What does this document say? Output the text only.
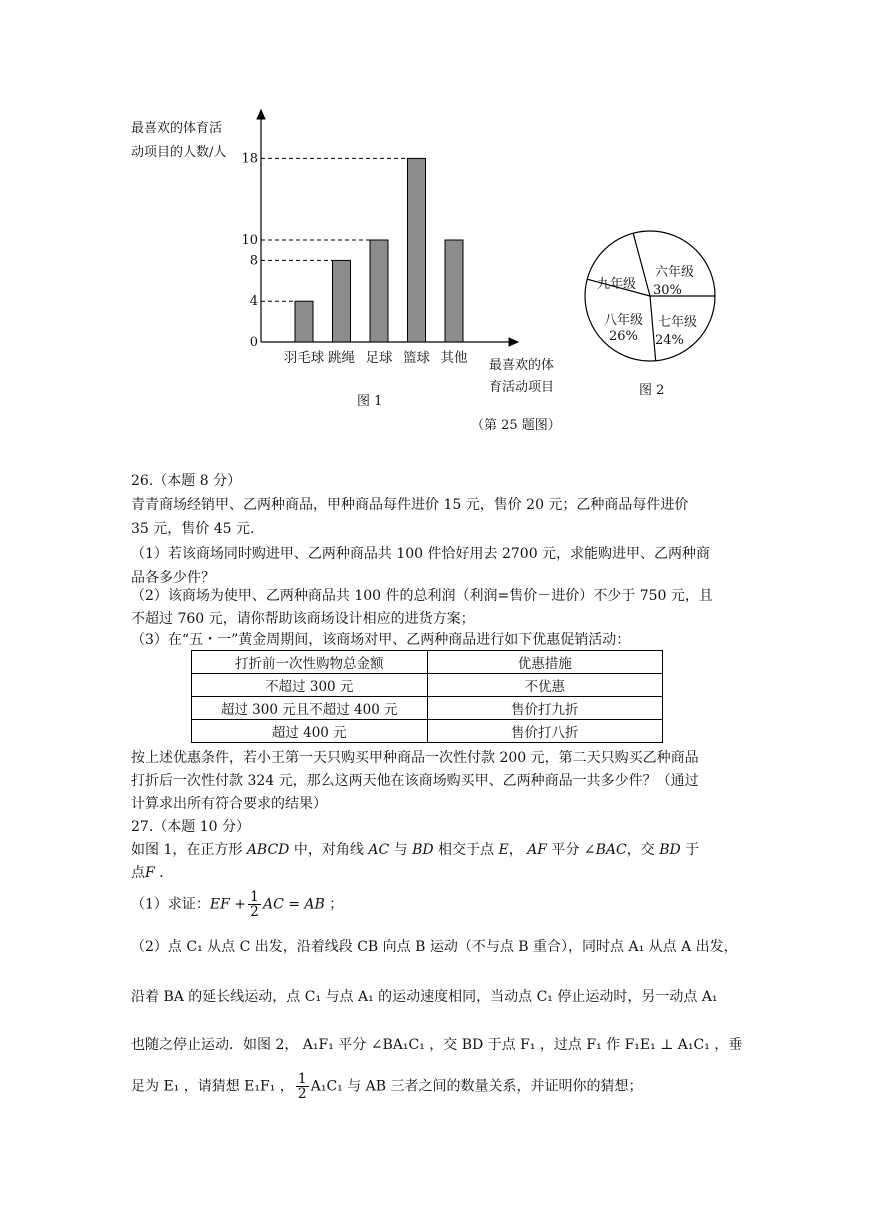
最喜欢的体育活
动项目的人数/人
羽毛球 跳绳 足球 篮球 其他
18
10
8
4
0
最喜欢的体
育活动项目
图 1
六年级
30%
七年级
24%
八年级
26%
九年级
图 2
（第 25 题图）
26.（本题 8 分）
青青商场经销甲、乙两种商品，甲种商品每件进价 15 元，售价 20 元；乙种商品每件进价
35 元，售价 45 元.
（1）若该商场同时购进甲、乙两种商品共 100 件恰好用去 2700 元，求能购进甲、乙两种商
品各多少件？
（2）该商场为使甲、乙两种商品共 100 件的总利润（利润=售价－进价）不少于 750 元，且
不超过 760 元，请你帮助该商场设计相应的进货方案；
（3）在“五・一”黄金周期间，该商场对甲、乙两种商品进行如下优惠促销活动：
打折前一次性购物总金额	优惠措施
不超过 300 元	不优惠
超过 300 元且不超过 400 元	售价打九折
超过 400 元	售价打八折
按上述优惠条件，若小王第一天只购买甲种商品一次性付款 200 元，第二天只购买乙种商品
打折后一次性付款 324 元，那么这两天他在该商场购买甲、乙两种商品一共多少件？（通过
计算求出所有符合要求的结果）
27.（本题 10 分）
如图 1，在正方形 ABCD 中，对角线 AC 与 BD 相交于点 E， AF 平分 ∠BAC，交 BD 于
点F .
（1）求证：EF + $\frac{1}{2}$ AC = AB ；
（2）点 C₁ 从点 C 出发，沿着线段 CB 向点 B 运动（不与点 B 重合），同时点 A₁ 从点 A 出发，
沿着 BA 的延长线运动，点 C₁ 与点 A₁ 的运动速度相同，当动点 C₁ 停止运动时，另一动点 A₁
也随之停止运动．如图 2， A₁F₁ 平分 ∠BA₁C₁ ，交 BD 于点 F₁ ，过点 F₁ 作 F₁E₁ ⊥ A₁C₁ ，垂
足为 E₁ ，请猜想 E₁F₁ ， $\frac{1}{2} A_1C_1$ 与 AB 三者之间的数量关系，并证明你的猜想；
